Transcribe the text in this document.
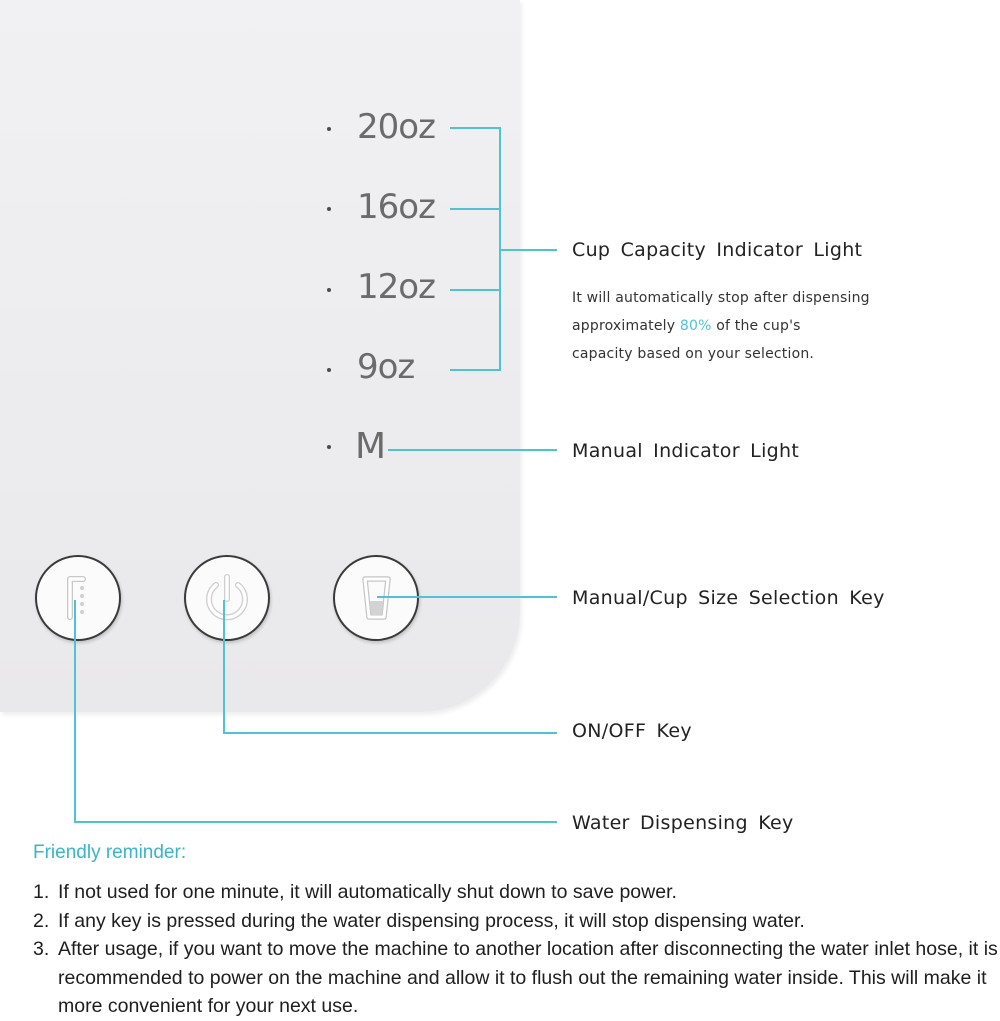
20oz
16oz
12oz
9oz
M
Cup Capacity Indicator Light
It will automatically stop after dispensing
approximately 80% of the cup's
capacity based on your selection.
Manual Indicator Light
Manual/Cup Size Selection Key
ON/OFF Key
Water Dispensing Key
Friendly reminder:
1. If not used for one minute, it will automatically shut down to save power.
2. If any key is pressed during the water dispensing process, it will stop dispensing water.
3. After usage, if you want to move the machine to another location after disconnecting the water inlet hose, it is recommended to power on the machine and allow it to flush out the remaining water inside. This will make it more convenient for your next use.
